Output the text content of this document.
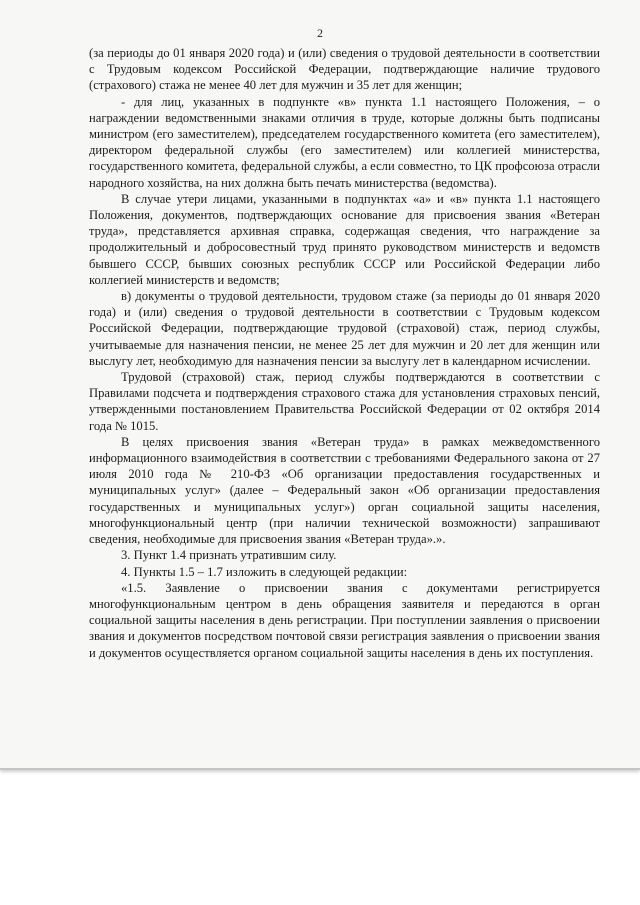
2

(за периоды до 01 января 2020 года) и (или) сведения о трудовой деятельности в соответствии с Трудовым кодексом Российской Федерации, подтверждающие наличие трудового (страхового) стажа не менее 40 лет для мужчин и 35 лет для женщин;

- для лиц, указанных в подпункте «в» пункта 1.1 настоящего Положения, – о награждении ведомственными знаками отличия в труде, которые должны быть подписаны министром (его заместителем), председателем государственного комитета (его заместителем), директором федеральной службы (его заместителем) или коллегией министерства, государственного комитета, федеральной службы, а если совместно, то ЦК профсоюза отрасли народного хозяйства, на них должна быть печать министерства (ведомства).

В случае утери лицами, указанными в подпунктах «а» и «в» пункта 1.1 настоящего Положения, документов, подтверждающих основание для присвоения звания «Ветеран труда», представляется архивная справка, содержащая сведения, что награждение за продолжительный и добросовестный труд принято руководством министерств и ведомств бывшего СССР, бывших союзных республик СССР или Российской Федерации либо коллегией министерств и ведомств;

в) документы о трудовой деятельности, трудовом стаже (за периоды до 01 января 2020 года) и (или) сведения о трудовой деятельности в соответствии с Трудовым кодексом Российской Федерации, подтверждающие трудовой (страховой) стаж, период службы, учитываемые для назначения пенсии, не менее 25 лет для мужчин и 20 лет для женщин или выслугу лет, необходимую для назначения пенсии за выслугу лет в календарном исчислении.

Трудовой (страховой) стаж, период службы подтверждаются в соответствии с Правилами подсчета и подтверждения страхового стажа для установления страховых пенсий, утвержденными постановлением Правительства Российской Федерации от 02 октября 2014 года № 1015.

В целях присвоения звания «Ветеран труда» в рамках межведомственного информационного взаимодействия в соответствии с требованиями Федерального закона от 27 июля 2010 года № 210-ФЗ «Об организации предоставления государственных и муниципальных услуг» (далее – Федеральный закон «Об организации предоставления государственных и муниципальных услуг») орган социальной защиты населения, многофункциональный центр (при наличии технической возможности) запрашивают сведения, необходимые для присвоения звания «Ветеран труда».».

3. Пункт 1.4 признать утратившим силу.

4. Пункты 1.5 – 1.7 изложить в следующей редакции:

«1.5. Заявление о присвоении звания с документами регистрируется многофункциональным центром в день обращения заявителя и передаются в орган социальной защиты населения в день регистрации. При поступлении заявления о присвоении звания и документов посредством почтовой связи регистрация заявления о присвоении звания и документов осуществляется органом социальной защиты населения в день их поступления.
